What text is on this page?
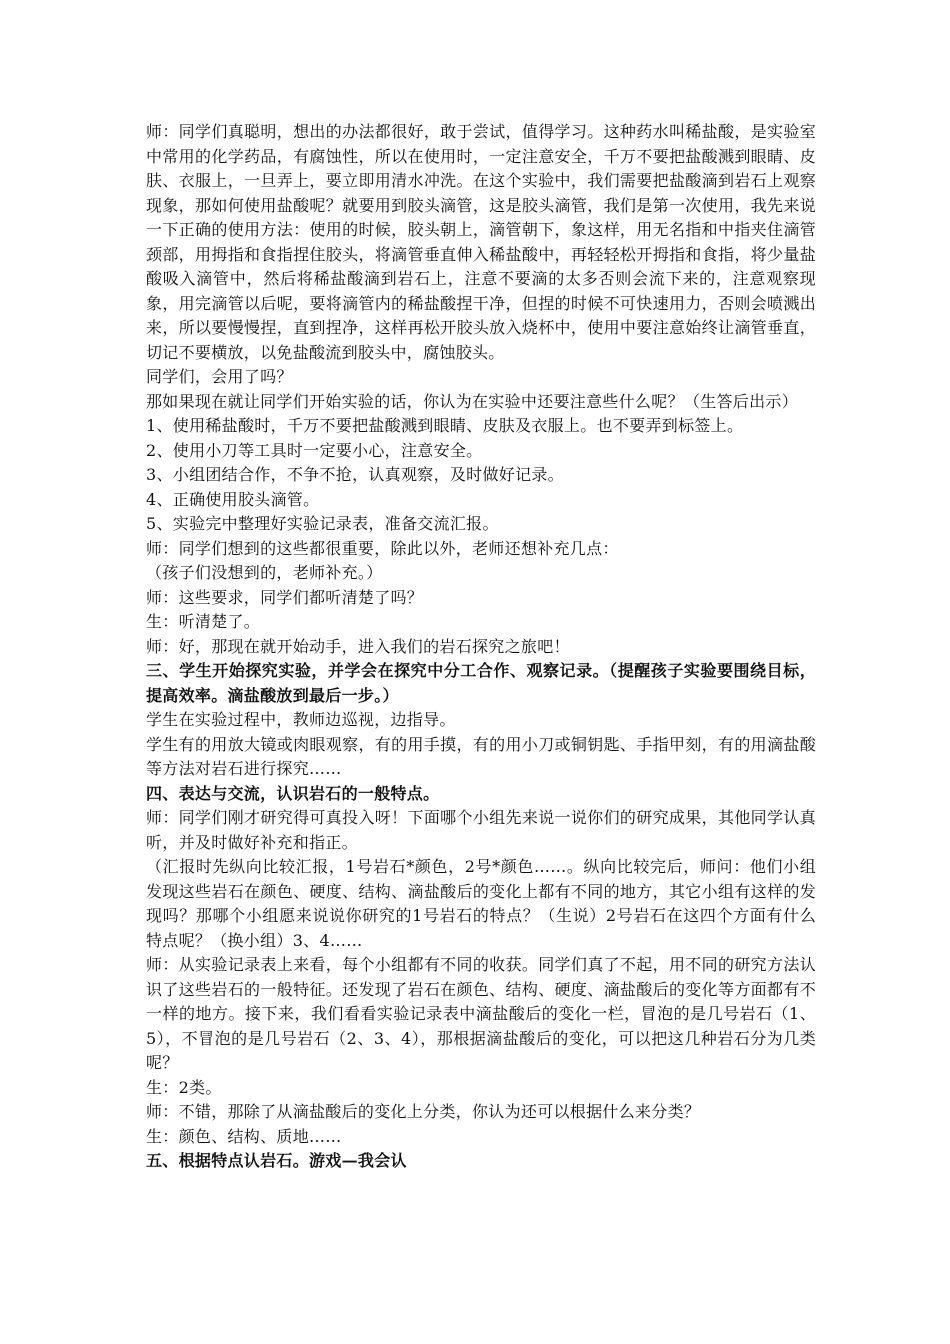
师：同学们真聪明，想出的办法都很好，敢于尝试，值得学习。这种药水叫稀盐酸，是实验室中常用的化学药品，有腐蚀性，所以在使用时，一定注意安全，千万不要把盐酸溅到眼睛、皮肤、衣服上，一旦弄上，要立即用清水冲洗。在这个实验中，我们需要把盐酸滴到岩石上观察现象，那如何使用盐酸呢？就要用到胶头滴管，这是胶头滴管，我们是第一次使用，我先来说一下正确的使用方法：使用的时候，胶头朝上，滴管朝下，象这样，用无名指和中指夹住滴管颈部，用拇指和食指捏住胶头，将滴管垂直伸入稀盐酸中，再轻轻松开拇指和食指，将少量盐酸吸入滴管中，然后将稀盐酸滴到岩石上，注意不要滴的太多否则会流下来的，注意观察现象，用完滴管以后呢，要将滴管内的稀盐酸捏干净，但捏的时候不可快速用力，否则会喷溅出来，所以要慢慢捏，直到捏净，这样再松开胶头放入烧杯中，使用中要注意始终让滴管垂直，切记不要横放，以免盐酸流到胶头中，腐蚀胶头。

同学们，会用了吗？

那如果现在就让同学们开始实验的话，你认为在实验中还要注意些什么呢？（生答后出示）

1、使用稀盐酸时，千万不要把盐酸溅到眼睛、皮肤及衣服上。也不要弄到标签上。

2、使用小刀等工具时一定要小心，注意安全。

3、小组团结合作，不争不抢，认真观察，及时做好记录。

4、正确使用胶头滴管。

5、实验完中整理好实验记录表，准备交流汇报。

师：同学们想到的这些都很重要，除此以外，老师还想补充几点：

（孩子们没想到的，老师补充。）

师：这些要求，同学们都听清楚了吗？

生：听清楚了。

师：好，那现在就开始动手，进入我们的岩石探究之旅吧！

三、学生开始探究实验，并学会在探究中分工合作、观察记录。（提醒孩子实验要围绕目标，提高效率。滴盐酸放到最后一步。）

学生在实验过程中，教师边巡视，边指导。

学生有的用放大镜或肉眼观察，有的用手摸，有的用小刀或铜钥匙、手指甲刻，有的用滴盐酸等方法对岩石进行探究……

四、表达与交流，认识岩石的一般特点。

师：同学们刚才研究得可真投入呀！下面哪个小组先来说一说你们的研究成果，其他同学认真听，并及时做好补充和指正。

（汇报时先纵向比较汇报，1号岩石*颜色，2号*颜色……。纵向比较完后，师问：他们小组发现这些岩石在颜色、硬度、结构、滴盐酸后的变化上都有不同的地方，其它小组有这样的发现吗？那哪个小组愿来说说你研究的1号岩石的特点？（生说）2号岩石在这四个方面有什么特点呢？（换小组）3、4……

师：从实验记录表上来看，每个小组都有不同的收获。同学们真了不起，用不同的研究方法认识了这些岩石的一般特征。还发现了岩石在颜色、结构、硬度、滴盐酸后的变化等方面都有不一样的地方。接下来，我们看看实验记录表中滴盐酸后的变化一栏，冒泡的是几号岩石（1、5），不冒泡的是几号岩石（2、3、4），那根据滴盐酸后的变化，可以把这几种岩石分为几类呢？

生：2类。

师：不错，那除了从滴盐酸后的变化上分类，你认为还可以根据什么来分类？

生：颜色、结构、质地……

五、根据特点认岩石。游戏—我会认
